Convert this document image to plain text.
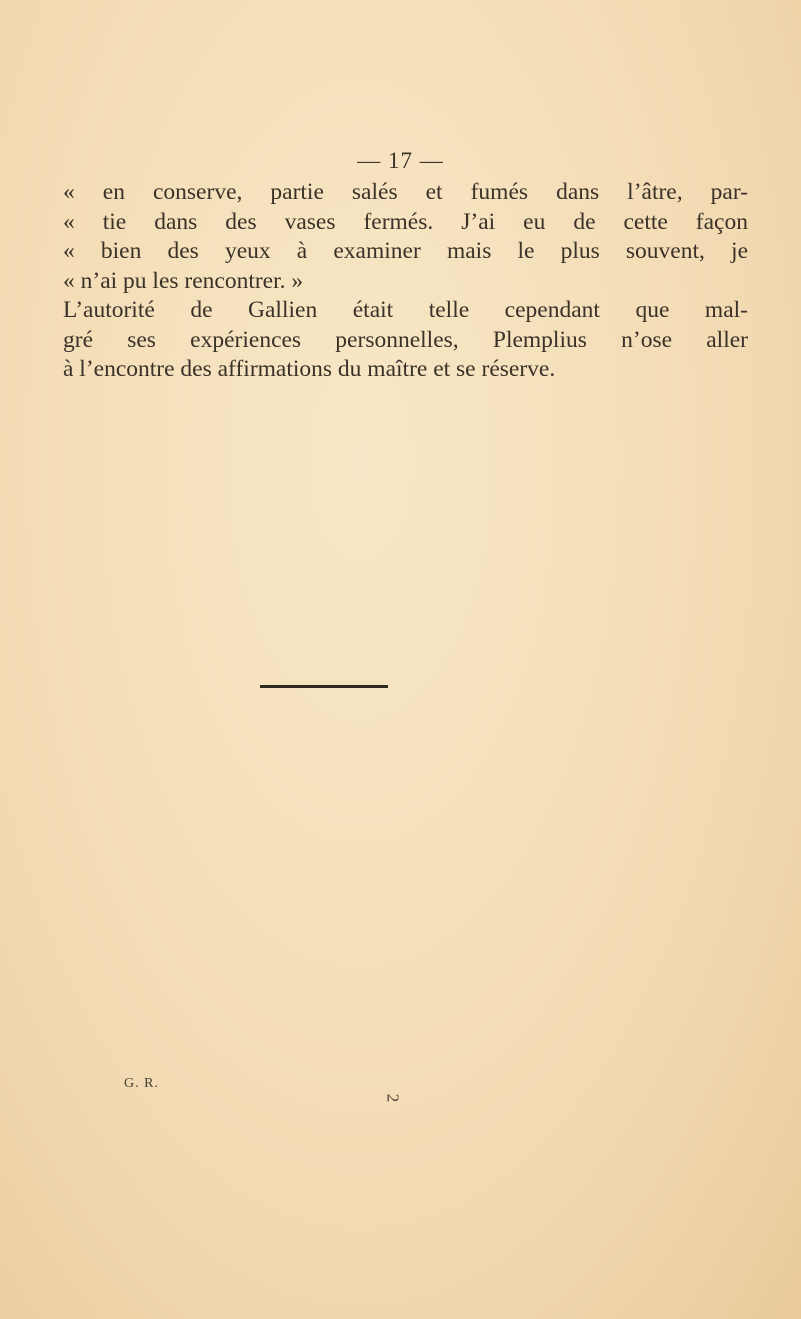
— 17 —
« en conserve, partie salés et fumés dans l’âtre, par-
« tie dans des vases fermés. J’ai eu de cette façon
« bien des yeux à examiner mais le plus souvent, je
« n’ai pu les rencontrer. »
L’autorité de Gallien était telle cependant que mal-
gré ses expériences personnelles, Plemplius n’ose aller
à l’encontre des affirmations du maître et se réserve.
G. R.
2
